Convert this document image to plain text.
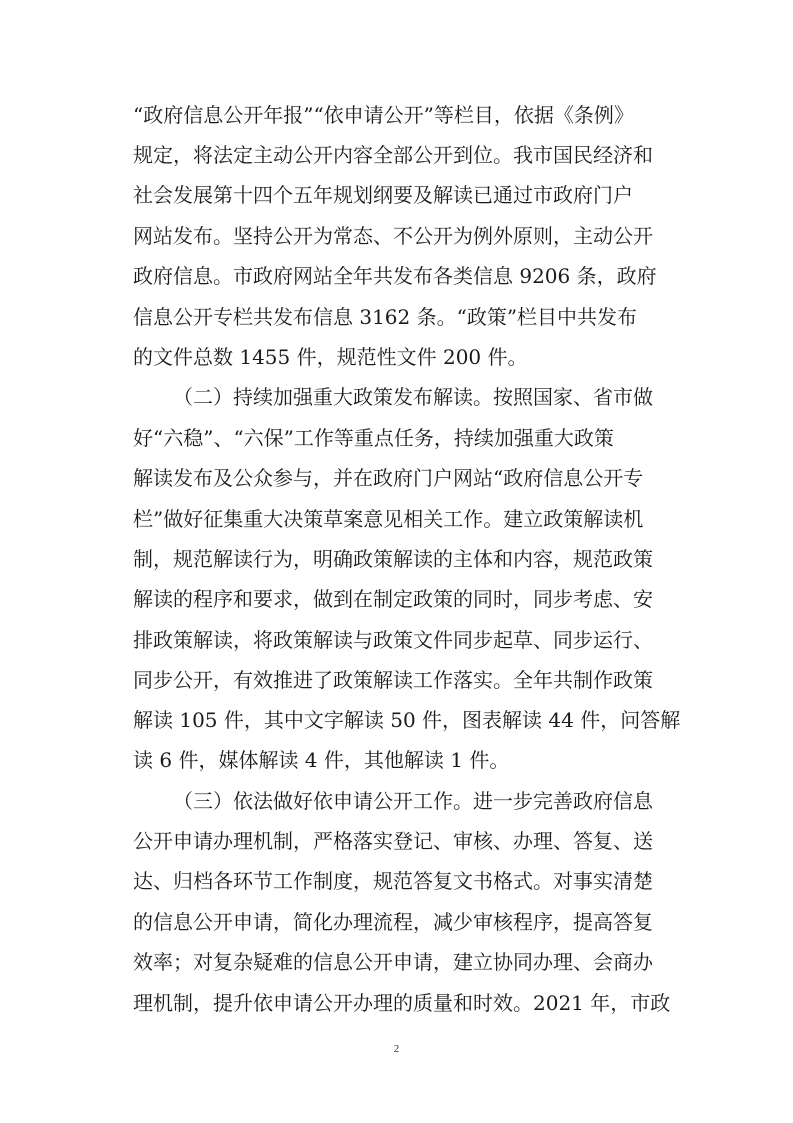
“政府信息公开年报”“依申请公开”等栏目，依据《条例》
规定，将法定主动公开内容全部公开到位。我市国民经济和
社会发展第十四个五年规划纲要及解读已通过市政府门户
网站发布。坚持公开为常态、不公开为例外原则，主动公开
政府信息。市政府网站全年共发布各类信息 9206 条，政府
信息公开专栏共发布信息 3162 条。“政策”栏目中共发布
的文件总数 1455 件，规范性文件 200 件。
（二）持续加强重大政策发布解读。按照国家、省市做
好“六稳”、“六保”工作等重点任务，持续加强重大政策
解读发布及公众参与，并在政府门户网站“政府信息公开专
栏”做好征集重大决策草案意见相关工作。建立政策解读机
制，规范解读行为，明确政策解读的主体和内容，规范政策
解读的程序和要求，做到在制定政策的同时，同步考虑、安
排政策解读，将政策解读与政策文件同步起草、同步运行、
同步公开，有效推进了政策解读工作落实。全年共制作政策
解读 105 件，其中文字解读 50 件，图表解读 44 件，问答解
读 6 件，媒体解读 4 件，其他解读 1 件。
（三）依法做好依申请公开工作。进一步完善政府信息
公开申请办理机制，严格落实登记、审核、办理、答复、送
达、归档各环节工作制度，规范答复文书格式。对事实清楚
的信息公开申请，简化办理流程，减少审核程序，提高答复
效率；对复杂疑难的信息公开申请，建立协同办理、会商办
理机制，提升依申请公开办理的质量和时效。2021 年，市政
2
